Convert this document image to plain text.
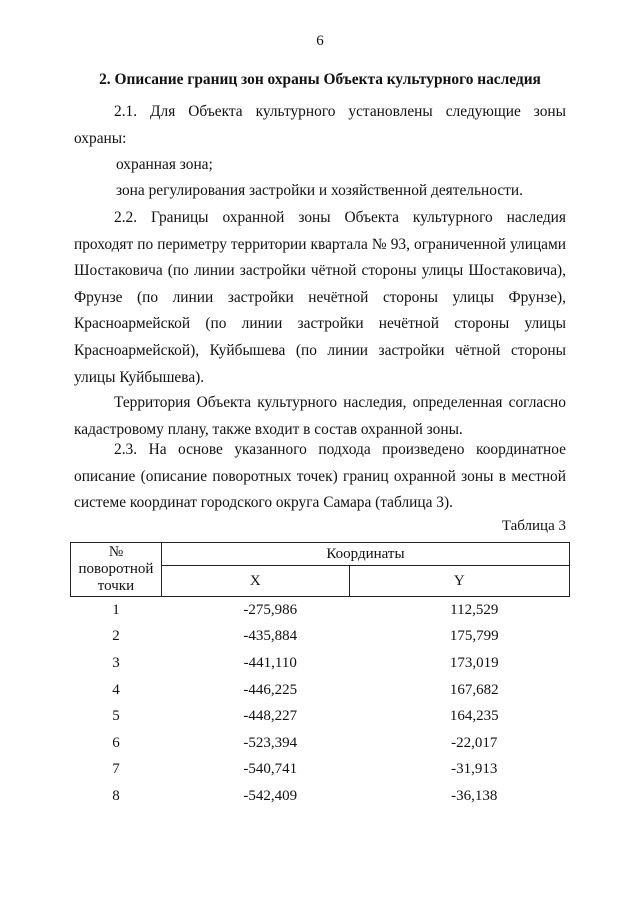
6
2. Описание границ зон охраны Объекта культурного наследия
2.1. Для Объекта культурного установлены следующие зоны
охраны:
охранная зона;
зона регулирования застройки и хозяйственной деятельности.
2.2. Границы охранной зоны Объекта культурного наследия
проходят по периметру территории квартала № 93, ограниченной улицами
Шостаковича (по линии застройки чётной стороны улицы Шостаковича),
Фрунзе (по линии застройки нечётной стороны улицы Фрунзе),
Красноармейской (по линии застройки нечётной стороны улицы
Красноармейской), Куйбышева (по линии застройки чётной стороны
улицы Куйбышева).
Территория Объекта культурного наследия, определенная согласно
кадастровому плану, также входит в состав охранной зоны.
2.3. На основе указанного подхода произведено координатное
описание (описание поворотных точек) границ охранной зоны в местной
системе координат городского округа Самара (таблица 3).
Таблица 3
№ поворотной точки	Координаты	
	X	Y
1	-275,986	112,529
2	-435,884	175,799
3	-441,110	173,019
4	-446,225	167,682
5	-448,227	164,235
6	-523,394	-22,017
7	-540,741	-31,913
8	-542,409	-36,138
